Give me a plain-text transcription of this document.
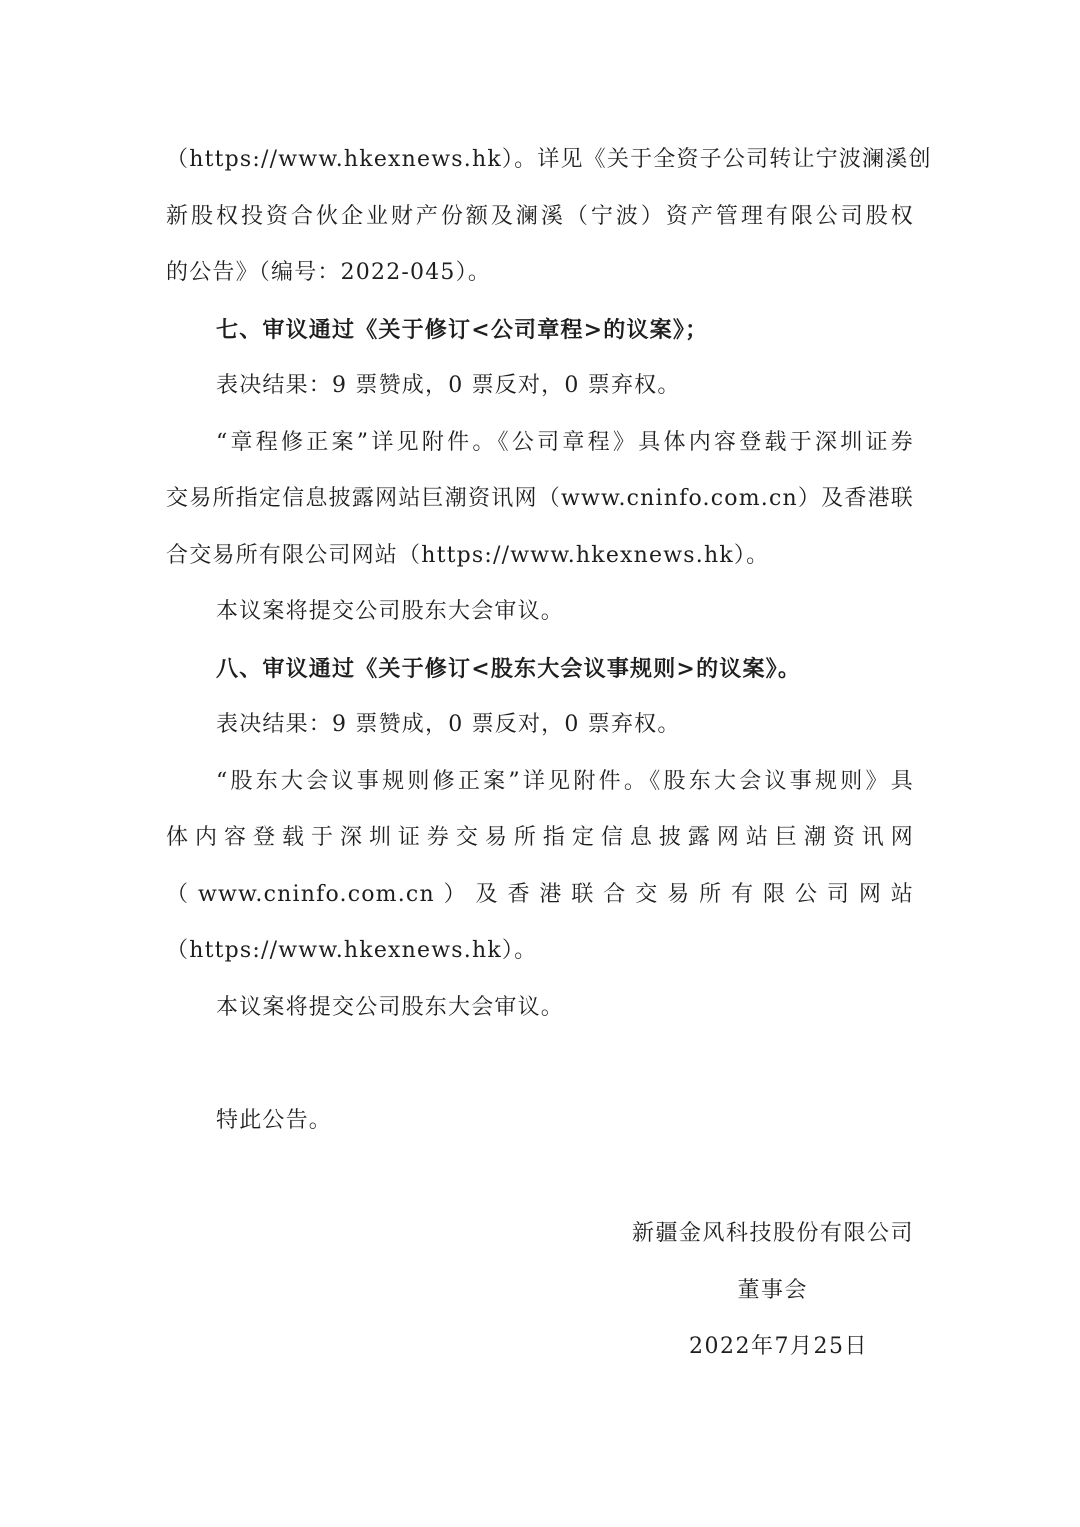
（https://www.hkexnews.hk）。详见《关于全资子公司转让宁波澜溪创
新股权投资合伙企业财产份额及澜溪（宁波）资产管理有限公司股权
的公告》（编号：2022-045）。
七、审议通过《关于修订<公司章程>的议案》；
表决结果：9 票赞成，0 票反对，0 票弃权。
“章程修正案”详见附件。《公司章程》具体内容登载于深圳证券
交易所指定信息披露网站巨潮资讯网（www.cninfo.com.cn）及香港联
合交易所有限公司网站（https://www.hkexnews.hk）。
本议案将提交公司股东大会审议。
八、审议通过《关于修订<股东大会议事规则>的议案》。
表决结果：9 票赞成，0 票反对，0 票弃权。
“股东大会议事规则修正案”详见附件。《股东大会议事规则》具
体内容登载于深圳证券交易所指定信息披露网站巨潮资讯网
（www.cninfo.com.cn）及香港联合交易所有限公司网站
（https://www.hkexnews.hk）。
本议案将提交公司股东大会审议。
特此公告。
新疆金风科技股份有限公司
董事会
2022年7月25日
